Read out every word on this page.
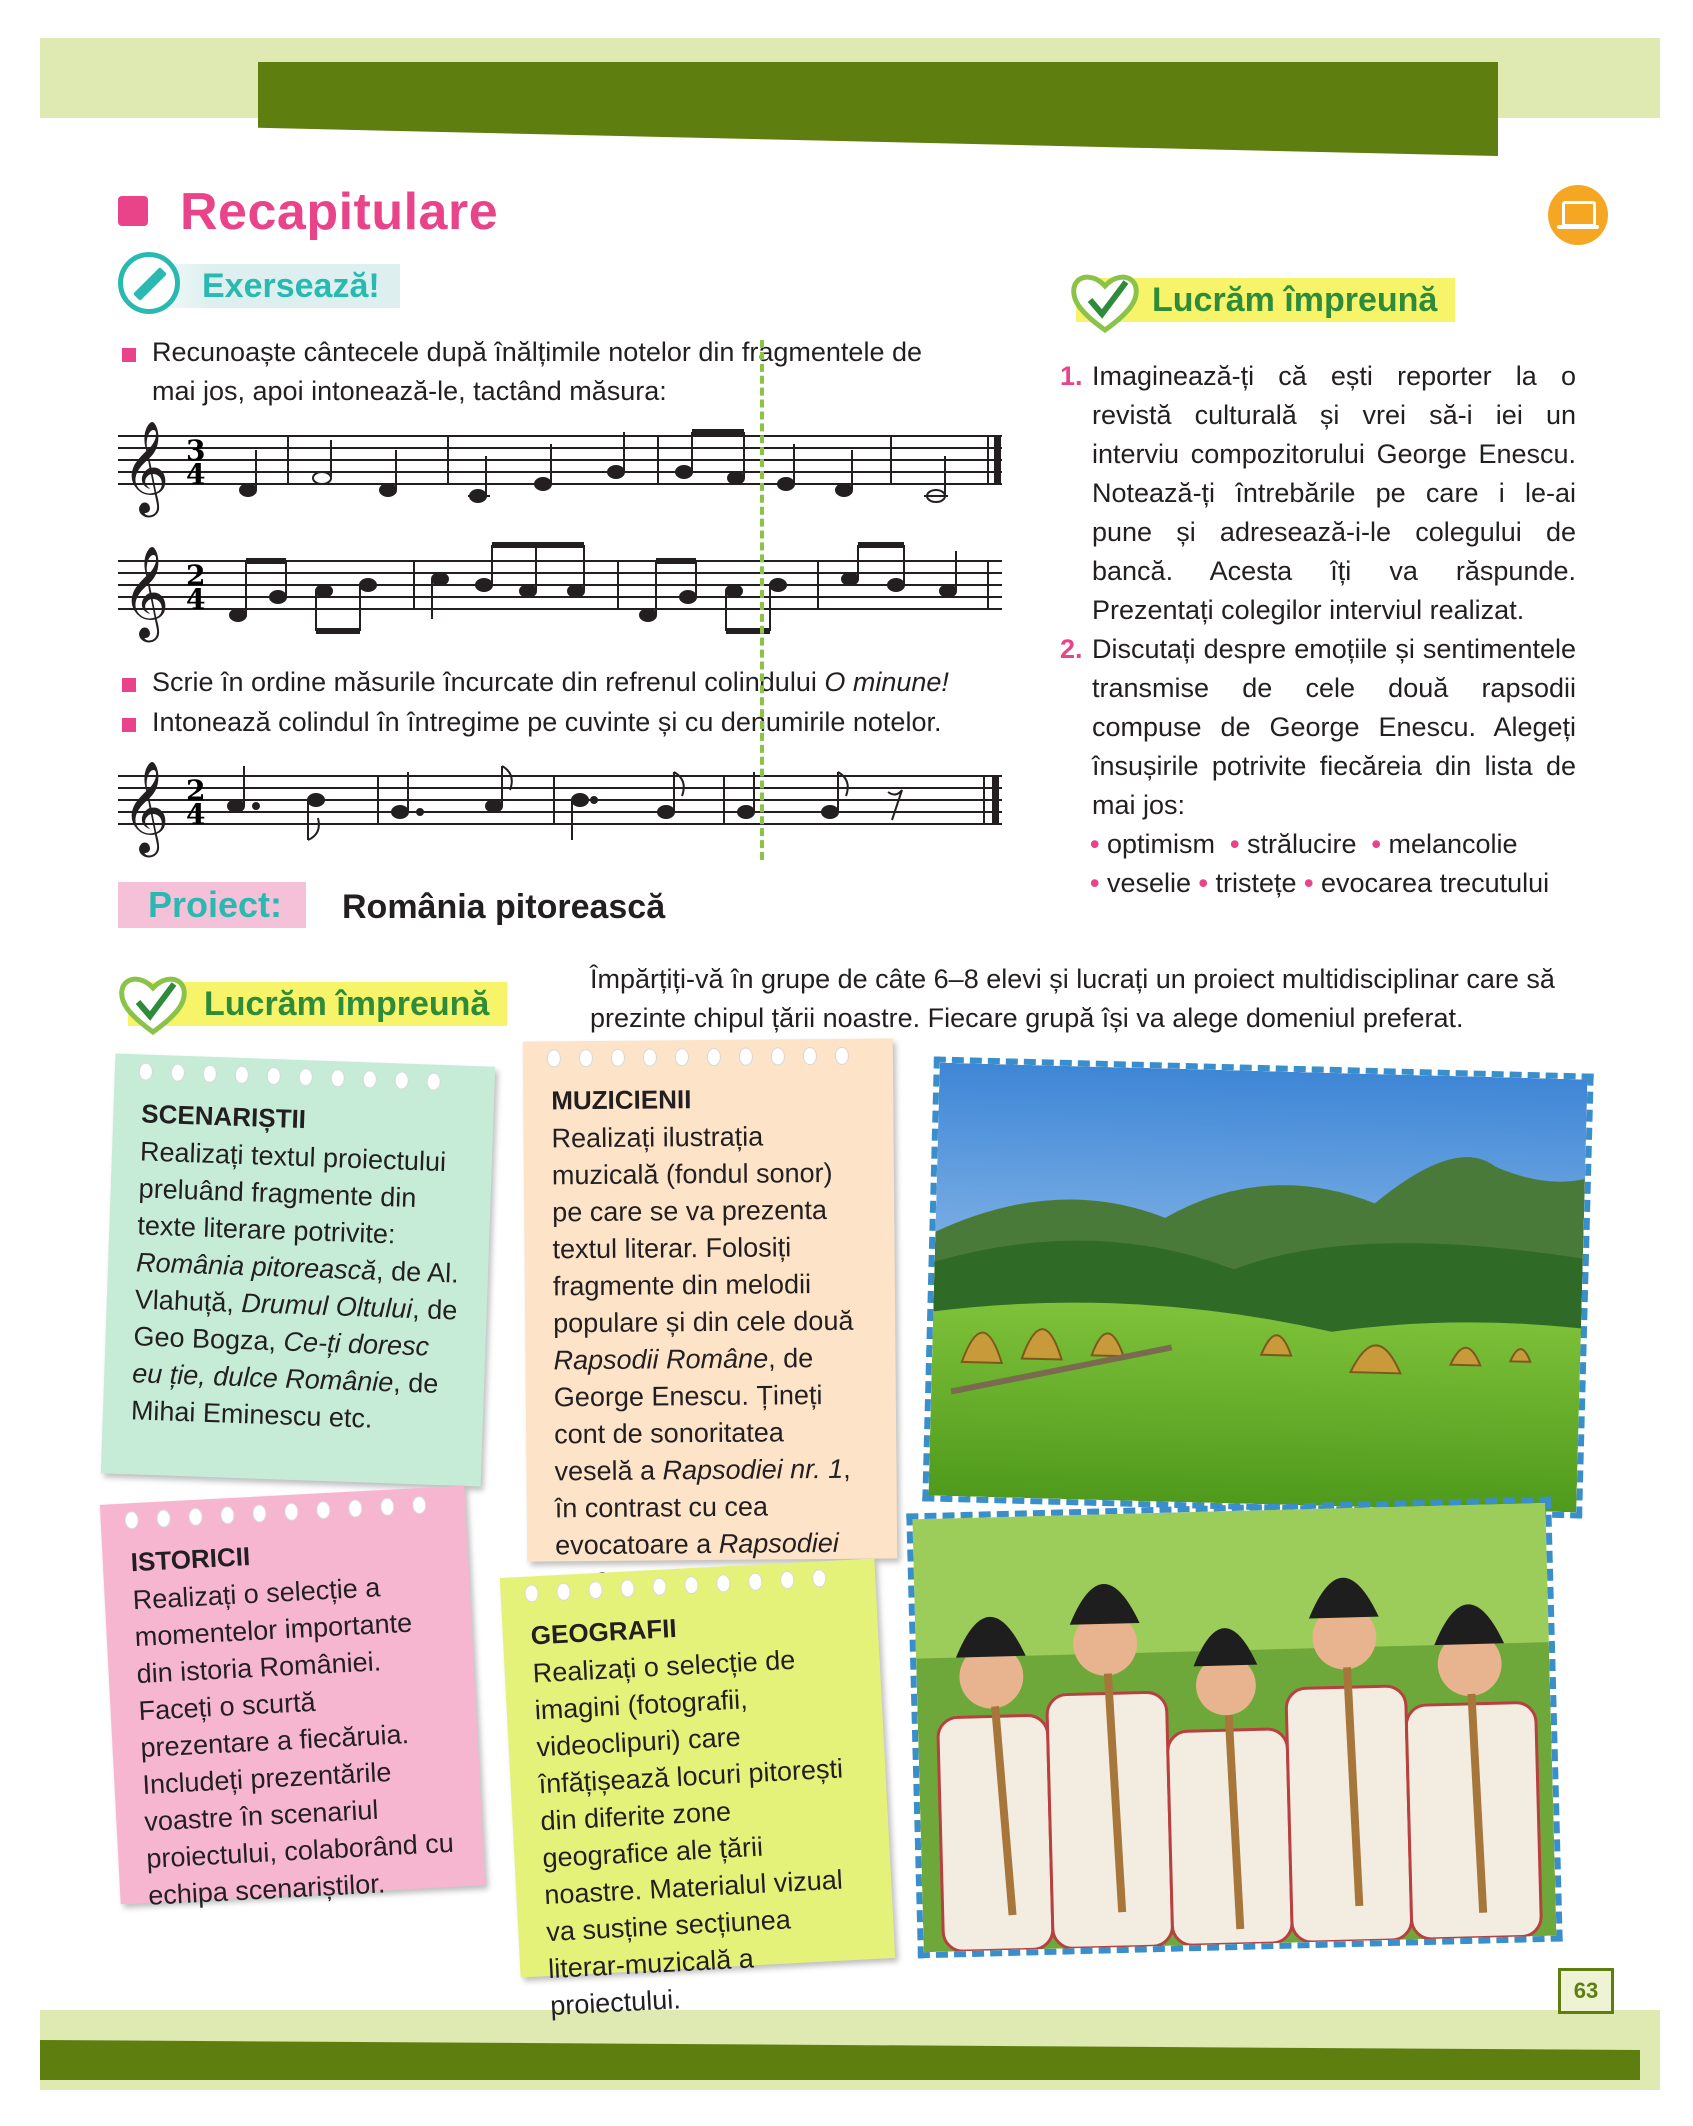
63
Recapitulare
Exersează!
Recunoaște cântecele după înălțimile notelor din fragmentele de mai jos, apoi intonează-le, tactând măsura:
𝄞 3
4
𝄞 2
4
Scrie în ordine măsurile încurcate din refrenul colindului O minune!
Intonează colindul în întregime pe cuvinte și cu denumirile notelor.
𝄞 2
4
Lucrăm împreună
1. Imaginează-ți că ești reporter la o revistă culturală și vrei să-i iei un interviu compozitorului George Enescu. Notează-ți întrebările pe care i le-ai pune și adresează-i-le colegului de bancă. Acesta îți va răspunde. Prezentați colegilor interviul realizat.
2. Discutați despre emoțiile și sentimentele transmise de cele două rapsodii compuse de George Enescu. Alegeți însușirile potrivite fiecăreia din lista de mai jos:
• optimism • strălucire • melancolie
• veselie • tristețe • evocarea trecutului
Proiect:	România pitorească
Lucrăm împreună
Împărțiți-vă în grupe de câte 6–8 elevi și lucrați un proiect multidisciplinar care să prezinte chipul țării noastre. Fiecare grupă își va alege domeniul preferat.
SCENARIȘTII

Realizați textul proiectului preluând fragmente din texte literare potrivite: România pitorească, de Al. Vlahuță, Drumul Oltului, de Geo Bogza, Ce-ți doresc eu ție, dulce Românie, de Mihai Eminescu etc.

MUZICIENII

Realizați ilustrația muzicală (fondul sonor) pe care se va prezenta textul literar. Folosiți fragmente din melodii populare și din cele două Rapsodii Române, de George Enescu. Țineți cont de sonoritatea veselă a Rapsodiei nr. 1, în contrast cu cea evocatoare a Rapsodiei

ISTORICII

Realizați o selecție a momentelor importante din istoria României. Faceți o scurtă prezentare a fiecăruia. Includeți prezentările voastre în scenariul proiectului, colaborând cu echipa scenariștilor.

GEOGRAFII

Realizați o selecție de imagini (fotografii, videoclipuri) care înfățișează locuri pitorești din diferite zone geografice ale țării noastre. Materialul vizual va susține secțiunea literar-muzicală a proiectului.
